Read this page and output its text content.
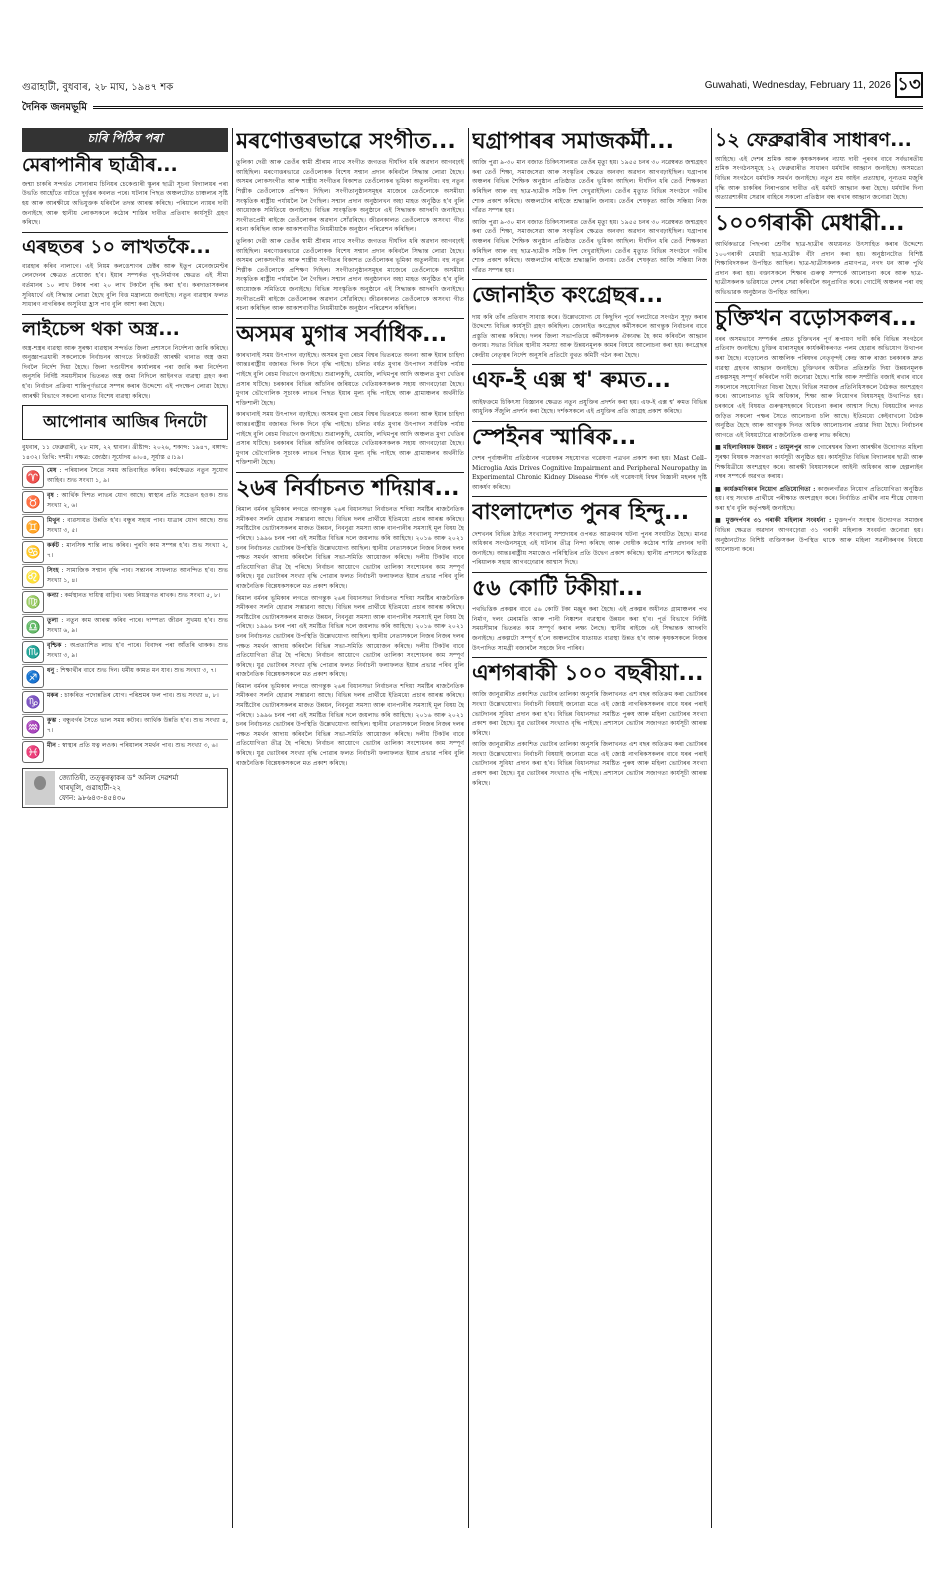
গুৱাহাটী, বুধবাৰ, ২৮ মাঘ, ১৯৪৭ শক	Guwahati, Wednesday, February 11, 2026 ১৩
দৈনিক জনমভূমি
চাৰি পিঠিৰ পৰা
মেৰাপানীৰ ছাত্ৰীৰ...

জন্মা চাকৰি সন্দৰ্ভত সোনাৰাম চিনিয়ৰ চেকেণ্ডাৰী স্কুলৰ ছাত্ৰী সূচনা বিদ্যালয়ৰ পৰা উভতি আহোঁতে বাটতে দুৰ্বৃত্তৰ কবলত পৰে। ঘটনাৰ পিছত অঞ্চলটোত চাঞ্চল্যৰ সৃষ্টি হয় আৰু আৰক্ষীয়ে অভিযুক্তক ধৰিবলৈ তদন্ত আৰম্ভ কৰিছে। পৰিয়ালে ন্যায়ৰ দাবী জনাইছে আৰু স্থানীয় লোকসকলে কঠোৰ শাস্তিৰ দাবীত প্ৰতিবাদ কাৰ্যসূচী গ্ৰহণ কৰিছে।

এৰছতৰ ১০ লাখতকৈ...

ব্যৱহাৰ কৰিব নালাগে। এই নিয়ম কলঙেশ্যণৰ চেক্টৰ আৰু ইতুপ মেনেজমেণ্টৰ লেনদেনৰ ক্ষেত্ৰত প্ৰযোজ্য হ'ব। ইয়াৰ সম্পৰ্কত গৃহ-নিৰ্মাণৰ ক্ষেত্ৰত এই সীমা বৰ্তমানৰ ১০ লাখ টকাৰ পৰা ২০ লাখ টকালৈ বৃদ্ধি কৰা হ'ব। কৰদাতাসকলৰ সুবিধাৰ্থে এই সিদ্ধান্ত লোৱা হৈছে বুলি বিত্ত মন্ত্ৰালয়ে জনাইছে। নতুন ব্যৱস্থাৰ ফলত সাধাৰণ নাগৰিকৰ অসুবিধা হ্ৰাস পাব বুলি আশা কৰা হৈছে।

লাইচেন্স থকা অস্ত্ৰ...

অস্ত্ৰ-শস্ত্ৰৰ ব্যৱস্থা আৰু সুৰক্ষা ব্যৱস্থাৰ সন্দৰ্ভত জিলা প্ৰশাসনে নিৰ্দেশনা জাৰি কৰিছে। অনুজ্ঞাপত্ৰধাৰী সকলোকে নিৰ্বাচনৰ আগতে নিকটৱৰ্তী আৰক্ষী থানাত অস্ত্ৰ জমা দিবলৈ নিৰ্দেশ দিয়া হৈছে। জিলা দণ্ডাধীশৰ কাৰ্যালয়ৰ পৰা জাৰি কৰা নিৰ্দেশনা অনুসৰি নিৰ্দিষ্ট সময়সীমাৰ ভিতৰত অস্ত্ৰ জমা নিদিলে আইনগত ব্যৱস্থা গ্ৰহণ কৰা হ'ব। নিৰ্বাচন প্ৰক্ৰিয়া শান্তিপূৰ্ণভাৱে সম্পন্ন কৰাৰ উদ্দেশ্যে এই পদক্ষেপ লোৱা হৈছে। আৰক্ষী বিভাগে সকলো থানাত বিশেষ ব্যৱস্থা কৰিছে।

আপোনাৰ আজিৰ দিনটো

বুধবাৰ, ১১ ফেব্ৰুৱাৰী, ২৮ মাঘ, ২২ শ্বাবান। খ্ৰীষ্টাব্দ: ২০২৬, শকাব্দ: ১৯৪৭, বঙ্গাব্দ: ১৪৩২। তিথি: দশমী। নক্ষত্ৰ: জ্যেষ্ঠা। সূৰ্যোদয় ৬।০৪, সূৰ্যাস্ত ৫।১৯।

♈	মেষ : পৰিয়ালৰ সৈতে সময় অতিবাহিত কৰিব। কৰ্মক্ষেত্ৰত নতুন সুযোগ আহিব। শুভ সংখ্যা ১, ৯।
♉	বৃষ : আৰ্থিক দিশত লাভৰ যোগ আছে। স্বাস্থ্যৰ প্ৰতি সচেতন হওক। শুভ সংখ্যা ২, ৬।
♊	মিথুন : ব্যৱসায়ত উন্নতি হ'ব। বন্ধুৰ সহায় পাব। যাত্ৰাৰ যোগ আছে। শুভ সংখ্যা ৩, ৫।
♋	কৰ্কট : মানসিক শান্তি লাভ কৰিব। পুৰণি কাম সম্পন্ন হ'ব। শুভ সংখ্যা ২, ৭।
♌	সিংহ : সামাজিক সন্মান বৃদ্ধি পাব। সন্তানৰ সাফল্যত আনন্দিত হ'ব। শুভ সংখ্যা ১, ৪।
♍	কন্যা : কৰ্মস্থানত দায়িত্ব বাঢ়িব। খৰচ নিয়ন্ত্ৰণত ৰাখক। শুভ সংখ্যা ৫, ৮।
♎	তুলা : নতুন কাম আৰম্ভ কৰিব পাৰে। দাম্পত্য জীৱন সুখময় হ'ব। শুভ সংখ্যা ৬, ৯।
♏	বৃশ্চিক : অপ্ৰত্যাশিত লাভ হ'ব পাৰে। বিবাদৰ পৰা আঁতৰি থাকক। শুভ সংখ্যা ৩, ৯।
♐	ধনু : শিক্ষাৰ্থীৰ বাবে শুভ দিন। ধৰ্মীয় কামত মন যাব। শুভ সংখ্যা ৩, ৭।
♑	মকৰ : চাকৰিত পদোন্নতিৰ যোগ। পৰিশ্ৰমৰ ফল পাব। শুভ সংখ্যা ৪, ৮।
♒	কুম্ভ : বন্ধুবৰ্গৰ সৈতে ভাল সময় কটাব। আৰ্থিক উন্নতি হ'ব। শুভ সংখ্যা ৪, ৭।
♓	মীন : স্বাস্থ্যৰ প্ৰতি যত্ন লওক। পৰিয়ালৰ সমৰ্থন পাব। শুভ সংখ্যা ৩, ৬।
জ্যোতিষী, তত্ত্বৰত্বাকৰ ড° অনিল দেৱশৰ্মা
খাৰঘূলি, গুৱাহাটী-২২
ফোন: ৯৮৬৪৩-৪৫৪৩০
মৰণোত্তৰভাৱে সংগীত...

তুলিকা দেৱী আৰু তেওঁৰ স্বামী শ্ৰীৰাম নাথে সংগীত জগতত দীৰ্ঘদিন ধৰি অৱদান আগবঢ়াই আহিছিল। মৰণোত্তৰভাৱে তেওঁলোকক বিশেষ সন্মান প্ৰদান কৰিবলৈ সিদ্ধান্ত লোৱা হৈছে। অসমৰ লোকসংগীত আৰু শাস্ত্ৰীয় সংগীতৰ বিকাশত তেওঁলোকৰ ভূমিকা অতুলনীয়। বহু নতুন শিল্পীক তেওঁলোকে প্ৰশিক্ষণ দিছিল। সংগীতানুষ্ঠানসমূহৰ মাজেৰে তেওঁলোকে অসমীয়া সংস্কৃতিক ৰাষ্ট্ৰীয় পৰ্যায়লৈ লৈ গৈছিল। সন্মান প্ৰদান অনুষ্ঠানখন অহা মাহত অনুষ্ঠিত হ'ব বুলি আয়োজক সমিতিয়ে জনাইছে। বিভিন্ন সাংস্কৃতিক অনুষ্ঠানে এই সিদ্ধান্তক আদৰণি জনাইছে। সংগীতপ্ৰেমী ৰাইজে তেওঁলোকৰ অৱদান সোঁৱৰিছে। জীৱনকালত তেওঁলোকে অসংখ্য গীত ৰচনা কৰিছিল আৰু আকাশবাণীত নিয়মীয়াকৈ অনুষ্ঠান পৰিৱেশন কৰিছিল।

তুলিকা দেৱী আৰু তেওঁৰ স্বামী শ্ৰীৰাম নাথে সংগীত জগতত দীৰ্ঘদিন ধৰি অৱদান আগবঢ়াই আহিছিল। মৰণোত্তৰভাৱে তেওঁলোকক বিশেষ সন্মান প্ৰদান কৰিবলৈ সিদ্ধান্ত লোৱা হৈছে। অসমৰ লোকসংগীত আৰু শাস্ত্ৰীয় সংগীতৰ বিকাশত তেওঁলোকৰ ভূমিকা অতুলনীয়। বহু নতুন শিল্পীক তেওঁলোকে প্ৰশিক্ষণ দিছিল। সংগীতানুষ্ঠানসমূহৰ মাজেৰে তেওঁলোকে অসমীয়া সংস্কৃতিক ৰাষ্ট্ৰীয় পৰ্যায়লৈ লৈ গৈছিল। সন্মান প্ৰদান অনুষ্ঠানখন অহা মাহত অনুষ্ঠিত হ'ব বুলি আয়োজক সমিতিয়ে জনাইছে। বিভিন্ন সাংস্কৃতিক অনুষ্ঠানে এই সিদ্ধান্তক আদৰণি জনাইছে। সংগীতপ্ৰেমী ৰাইজে তেওঁলোকৰ অৱদান সোঁৱৰিছে। জীৱনকালত তেওঁলোকে অসংখ্য গীত ৰচনা কৰিছিল আৰু আকাশবাণীত নিয়মীয়াকৈ অনুষ্ঠান পৰিৱেশন কৰিছিল।

অসমৰ মুগাৰ সৰ্বাধিক...

কাৰখানাই সময় উৎপাদন বঢ়াইছে। অসমৰ মুগা ৰেচম বিশ্বৰ ভিতৰতে অনন্য আৰু ইয়াৰ চাহিদা আন্তঃৰাষ্ট্ৰীয় বজাৰত দিনক দিনে বৃদ্ধি পাইছে। চলিত বৰ্ষত মুগাৰ উৎপাদন সৰ্বাধিক পৰ্যায় পাইছে বুলি ৰেচম বিভাগে জনাইছে। শুৱালকুছি, ধেমাজি, লখিমপুৰ আদি অঞ্চলত মুগা খেতিৰ প্ৰসাৰ ঘটিছে। চৰকাৰৰ বিভিন্ন আঁচনিৰ জৰিয়তে খেতিয়কসকলক সহায় আগবঢ়োৱা হৈছে। মুগাৰ ভৌগোলিক সূচাংক লাভৰ পিছত ইয়াৰ মূল্য বৃদ্ধি পাইছে আৰু গ্ৰামাঞ্চলৰ অৰ্থনীতি শক্তিশালী হৈছে।

কাৰখানাই সময় উৎপাদন বঢ়াইছে। অসমৰ মুগা ৰেচম বিশ্বৰ ভিতৰতে অনন্য আৰু ইয়াৰ চাহিদা আন্তঃৰাষ্ট্ৰীয় বজাৰত দিনক দিনে বৃদ্ধি পাইছে। চলিত বৰ্ষত মুগাৰ উৎপাদন সৰ্বাধিক পৰ্যায় পাইছে বুলি ৰেচম বিভাগে জনাইছে। শুৱালকুছি, ধেমাজি, লখিমপুৰ আদি অঞ্চলত মুগা খেতিৰ প্ৰসাৰ ঘটিছে। চৰকাৰৰ বিভিন্ন আঁচনিৰ জৰিয়তে খেতিয়কসকলক সহায় আগবঢ়োৱা হৈছে। মুগাৰ ভৌগোলিক সূচাংক লাভৰ পিছত ইয়াৰ মূল্য বৃদ্ধি পাইছে আৰু গ্ৰামাঞ্চলৰ অৰ্থনীতি শক্তিশালী হৈছে।

২৬ৰ নিৰ্বাচনত শদিয়াৰ...

ৰিমাল বৰ্মনৰ ভূমিকাৰ লগতে আগন্তুক ২৬ৰ বিধানসভা নিৰ্বাচনত শদিয়া সমষ্টিৰ ৰাজনৈতিক সমীকৰণ সলনি হোৱাৰ সম্ভাৱনা আছে। বিভিন্ন দলৰ প্ৰাৰ্থীয়ে ইতিমধ্যে প্ৰচাৰ আৰম্ভ কৰিছে। সমষ্টিটোৰ ভোটাৰসকলৰ মাজত উন্নয়ন, নিবনুৱা সমস্যা আৰু বানপানীৰ সমস্যাই মূল বিষয় হৈ পৰিছে। ১৯৯৬ চনৰ পৰা এই সমষ্টিত বিভিন্ন দলে জয়লাভ কৰি আহিছে। ২০১৬ আৰু ২০২১ চনৰ নিৰ্বাচনত ভোটাৰৰ উপস্থিতি উল্লেখযোগ্য আছিল। স্থানীয় নেতাসকলে নিজৰ নিজৰ দলৰ পক্ষত সমৰ্থন আদায় কৰিবলৈ বিভিন্ন সভা-সমিতি আয়োজন কৰিছে। দলীয় টিকটৰ বাবে প্ৰতিযোগিতা তীব্ৰ হৈ পৰিছে। নিৰ্বাচন আয়োগে ভোটাৰ তালিকা সংশোধনৰ কাম সম্পূৰ্ণ কৰিছে। যুৱ ভোটাৰৰ সংখ্যা বৃদ্ধি পোৱাৰ ফলত নিৰ্বাচনী ফলাফলত ইয়াৰ প্ৰভাৱ পৰিব বুলি ৰাজনৈতিক বিশ্লেষকসকলে মত প্ৰকাশ কৰিছে।

ৰিমাল বৰ্মনৰ ভূমিকাৰ লগতে আগন্তুক ২৬ৰ বিধানসভা নিৰ্বাচনত শদিয়া সমষ্টিৰ ৰাজনৈতিক সমীকৰণ সলনি হোৱাৰ সম্ভাৱনা আছে। বিভিন্ন দলৰ প্ৰাৰ্থীয়ে ইতিমধ্যে প্ৰচাৰ আৰম্ভ কৰিছে। সমষ্টিটোৰ ভোটাৰসকলৰ মাজত উন্নয়ন, নিবনুৱা সমস্যা আৰু বানপানীৰ সমস্যাই মূল বিষয় হৈ পৰিছে। ১৯৯৬ চনৰ পৰা এই সমষ্টিত বিভিন্ন দলে জয়লাভ কৰি আহিছে। ২০১৬ আৰু ২০২১ চনৰ নিৰ্বাচনত ভোটাৰৰ উপস্থিতি উল্লেখযোগ্য আছিল। স্থানীয় নেতাসকলে নিজৰ নিজৰ দলৰ পক্ষত সমৰ্থন আদায় কৰিবলৈ বিভিন্ন সভা-সমিতি আয়োজন কৰিছে। দলীয় টিকটৰ বাবে প্ৰতিযোগিতা তীব্ৰ হৈ পৰিছে। নিৰ্বাচন আয়োগে ভোটাৰ তালিকা সংশোধনৰ কাম সম্পূৰ্ণ কৰিছে। যুৱ ভোটাৰৰ সংখ্যা বৃদ্ধি পোৱাৰ ফলত নিৰ্বাচনী ফলাফলত ইয়াৰ প্ৰভাৱ পৰিব বুলি ৰাজনৈতিক বিশ্লেষকসকলে মত প্ৰকাশ কৰিছে।

ৰিমাল বৰ্মনৰ ভূমিকাৰ লগতে আগন্তুক ২৬ৰ বিধানসভা নিৰ্বাচনত শদিয়া সমষ্টিৰ ৰাজনৈতিক সমীকৰণ সলনি হোৱাৰ সম্ভাৱনা আছে। বিভিন্ন দলৰ প্ৰাৰ্থীয়ে ইতিমধ্যে প্ৰচাৰ আৰম্ভ কৰিছে। সমষ্টিটোৰ ভোটাৰসকলৰ মাজত উন্নয়ন, নিবনুৱা সমস্যা আৰু বানপানীৰ সমস্যাই মূল বিষয় হৈ পৰিছে। ১৯৯৬ চনৰ পৰা এই সমষ্টিত বিভিন্ন দলে জয়লাভ কৰি আহিছে। ২০১৬ আৰু ২০২১ চনৰ নিৰ্বাচনত ভোটাৰৰ উপস্থিতি উল্লেখযোগ্য আছিল। স্থানীয় নেতাসকলে নিজৰ নিজৰ দলৰ পক্ষত সমৰ্থন আদায় কৰিবলৈ বিভিন্ন সভা-সমিতি আয়োজন কৰিছে। দলীয় টিকটৰ বাবে প্ৰতিযোগিতা তীব্ৰ হৈ পৰিছে। নিৰ্বাচন আয়োগে ভোটাৰ তালিকা সংশোধনৰ কাম সম্পূৰ্ণ কৰিছে। যুৱ ভোটাৰৰ সংখ্যা বৃদ্ধি পোৱাৰ ফলত নিৰ্বাচনী ফলাফলত ইয়াৰ প্ৰভাৱ পৰিব বুলি ৰাজনৈতিক বিশ্লেষকসকলে মত প্ৰকাশ কৰিছে।

ঘগ্ৰাপাৰৰ সমাজকৰ্মী...

আজি পুৱা ৯-৩০ মান বজাত চিকিৎসালয়ত তেওঁৰ মৃত্যু হয়। ১৯৫৫ চনৰ ৩০ নৱেম্বৰত জন্মগ্ৰহণ কৰা তেওঁ শিক্ষা, সমাজসেৱা আৰু সংস্কৃতিৰ ক্ষেত্ৰত অনবদ্য অৱদান আগবঢ়াইছিল। ঘগ্ৰাপাৰ অঞ্চলৰ বিভিন্ন শৈক্ষিক অনুষ্ঠান প্ৰতিষ্ঠাত তেওঁৰ ভূমিকা আছিল। দীৰ্ঘদিন ধৰি তেওঁ শিক্ষকতা কৰিছিল আৰু বহু ছাত্ৰ-ছাত্ৰীক সঠিক দিশ দেখুৱাইছিল। তেওঁৰ মৃত্যুত বিভিন্ন সংগঠনে গভীৰ শোক প্ৰকাশ কৰিছে। অঞ্চলটোৰ ৰাইজে শ্ৰদ্ধাঞ্জলি জনায়। তেওঁৰ শেষকৃত্য আজি সন্ধিয়া নিজ গাঁৱত সম্পন্ন হয়।

আজি পুৱা ৯-৩০ মান বজাত চিকিৎসালয়ত তেওঁৰ মৃত্যু হয়। ১৯৫৫ চনৰ ৩০ নৱেম্বৰত জন্মগ্ৰহণ কৰা তেওঁ শিক্ষা, সমাজসেৱা আৰু সংস্কৃতিৰ ক্ষেত্ৰত অনবদ্য অৱদান আগবঢ়াইছিল। ঘগ্ৰাপাৰ অঞ্চলৰ বিভিন্ন শৈক্ষিক অনুষ্ঠান প্ৰতিষ্ঠাত তেওঁৰ ভূমিকা আছিল। দীৰ্ঘদিন ধৰি তেওঁ শিক্ষকতা কৰিছিল আৰু বহু ছাত্ৰ-ছাত্ৰীক সঠিক দিশ দেখুৱাইছিল। তেওঁৰ মৃত্যুত বিভিন্ন সংগঠনে গভীৰ শোক প্ৰকাশ কৰিছে। অঞ্চলটোৰ ৰাইজে শ্ৰদ্ধাঞ্জলি জনায়। তেওঁৰ শেষকৃত্য আজি সন্ধিয়া নিজ গাঁৱত সম্পন্ন হয়।

জোনাইত কংগ্ৰেছৰ...

দায় কৰি তাঁৰ প্ৰতিবাদ সাব্যস্ত কৰে। উল্লেখযোগ্য যে কিছুদিন পূৰ্বে দলটোৱে সংগঠন সুদৃঢ় কৰাৰ উদ্দেশ্যে বিভিন্ন কাৰ্যসূচী গ্ৰহণ কৰিছিল। জোনাইত কংগ্ৰেছৰ কৰ্মীসকলে আগন্তুক নিৰ্বাচনৰ বাবে প্ৰস্তুতি আৰম্ভ কৰিছে। দলৰ জিলা সভাপতিয়ে কৰ্মীসকলক ঐক্যবদ্ধ হৈ কাম কৰিবলৈ আহ্বান জনায়। সভাত বিভিন্ন স্থানীয় সমস্যা আৰু উন্নয়নমূলক কামৰ বিষয়ে আলোচনা কৰা হয়। কংগ্ৰেছৰ কেন্দ্ৰীয় নেতৃত্বৰ নিৰ্দেশ অনুসৰি প্ৰতিটো বুথত কমিটী গঠন কৰা হৈছে।

এফ-ই এক্স শ্ব' ৰুমত...

আইফক্ৰমে চিকিৎসা বিজ্ঞানৰ ক্ষেত্ৰত নতুন প্ৰযুক্তিৰ প্ৰদৰ্শন কৰা হয়। এফ-ই এক্স শ্ব' ৰুমত বিভিন্ন আধুনিক সঁজুলি প্ৰদৰ্শন কৰা হৈছে। দৰ্শকসকলে এই প্ৰযুক্তিৰ প্ৰতি আগ্ৰহ প্ৰকাশ কৰিছে।

স্পেইনৰ স্মাৰিক...

দেশৰ পূৰ্বাঞ্চলীয় প্ৰতিষ্ঠানৰ গৱেষকৰ সহযোগত গৱেষণা পত্ৰখন প্ৰকাশ কৰা হয়। Mast Cell–Microglia Axis Drives Cognitive Impairment and Peripheral Neuropathy in Experimental Chronic Kidney Disease শীৰ্ষক এই গৱেষণাই বিশ্বৰ বিজ্ঞানী মহলৰ দৃষ্টি আকৰ্ষণ কৰিছে।

বাংলাদেশত পুনৰ হিন্দু...

দেশখনৰ বিভিন্ন ঠাইত সংখ্যালঘু সম্প্ৰদায়ৰ ওপৰত আক্ৰমণৰ ঘটনা পুনৰ সংঘটিত হৈছে। মানৱ অধিকাৰ সংগঠনসমূহে এই ঘটনাৰ তীব্ৰ নিন্দা কৰিছে আৰু দোষীক কঠোৰ শাস্তি প্ৰদানৰ দাবী জনাইছে। আন্তঃৰাষ্ট্ৰীয় সমাজেও পৰিস্থিতিৰ প্ৰতি উদ্বেগ প্ৰকাশ কৰিছে। স্থানীয় প্ৰশাসনে ক্ষতিগ্ৰস্ত পৰিয়ালক সহায় আগবঢ়োৱাৰ আশ্বাস দিছে।

৫৬ কোটি টকীয়া...

পথভিত্তিক প্ৰকল্পৰ বাবে ৫৬ কোটি টকা মঞ্জুৰ কৰা হৈছে। এই প্ৰকল্পৰ অধীনত গ্ৰামাঞ্চলৰ পথ নিৰ্মাণ, দলং মেৰামতি আৰু পানী নিষ্কাশন ব্যৱস্থাৰ উন্নয়ন কৰা হ'ব। পূৰ্ত বিভাগে নিৰ্দিষ্ট সময়সীমাৰ ভিতৰত কাম সম্পূৰ্ণ কৰাৰ লক্ষ্য লৈছে। স্থানীয় ৰাইজে এই সিদ্ধান্তক আদৰণি জনাইছে। প্ৰকল্পটো সম্পূৰ্ণ হ'লে অঞ্চলটোৰ যাতায়ত ব্যৱস্থা উন্নত হ'ব আৰু কৃষকসকলে নিজৰ উৎপাদিত সামগ্ৰী বজাৰলৈ সহজে নিব পাৰিব।

এশগৰাকী ১০০ বছৰীয়া...

আজি জানুৱাৰীত প্ৰকাশিত ভোটাৰ তালিকা অনুসৰি জিলাখনত এশ বছৰ অতিক্ৰম কৰা ভোটাৰৰ সংখ্যা উল্লেখযোগ্য। নিৰ্বাচনী বিষয়াই জনোৱা মতে এই জ্যেষ্ঠ নাগৰিকসকলৰ বাবে ঘৰৰ পৰাই ভোটদানৰ সুবিধা প্ৰদান কৰা হ'ব। বিভিন্ন বিধানসভা সমষ্টিত পুৰুষ আৰু মহিলা ভোটাৰৰ সংখ্যা প্ৰকাশ কৰা হৈছে। যুৱ ভোটাৰৰ সংখ্যাও বৃদ্ধি পাইছে। প্ৰশাসনে ভোটাৰ সজাগতা কাৰ্যসূচী আৰম্ভ কৰিছে।

আজি জানুৱাৰীত প্ৰকাশিত ভোটাৰ তালিকা অনুসৰি জিলাখনত এশ বছৰ অতিক্ৰম কৰা ভোটাৰৰ সংখ্যা উল্লেখযোগ্য। নিৰ্বাচনী বিষয়াই জনোৱা মতে এই জ্যেষ্ঠ নাগৰিকসকলৰ বাবে ঘৰৰ পৰাই ভোটদানৰ সুবিধা প্ৰদান কৰা হ'ব। বিভিন্ন বিধানসভা সমষ্টিত পুৰুষ আৰু মহিলা ভোটাৰৰ সংখ্যা প্ৰকাশ কৰা হৈছে। যুৱ ভোটাৰৰ সংখ্যাও বৃদ্ধি পাইছে। প্ৰশাসনে ভোটাৰ সজাগতা কাৰ্যসূচী আৰম্ভ কৰিছে।

১২ ফেব্ৰুৱাৰীৰ সাধাৰণ...

আহিছে। এই দেশৰ শ্ৰমিক আৰু কৃষকসকলৰ ন্যায্য দাবী পূৰণৰ বাবে সৰ্বভাৰতীয় শ্ৰমিক সংগঠনসমূহে ১২ ফেব্ৰুৱাৰীত সাধাৰণ ধৰ্মঘটৰ আহ্বান জনাইছে। অসমতো বিভিন্ন সংগঠনে ধৰ্মঘটক সমৰ্থন জনাইছে। নতুন শ্ৰম আইন প্ৰত্যাহাৰ, নূন্যতম মজুৰি বৃদ্ধি আৰু চাকৰিৰ নিৰাপত্তাৰ দাবীত এই ধৰ্মঘট আহ্বান কৰা হৈছে। ধৰ্মঘটৰ দিনা অত্যাৱশ্যকীয় সেৱাৰ বাহিৰে সকলো প্ৰতিষ্ঠান বন্ধ ৰখাৰ আহ্বান জনোৱা হৈছে।

১০০গৰাকী মেধাৱী...

আৰ্থিকভাৱে পিছপৰা শ্ৰেণীৰ ছাত্ৰ-ছাত্ৰীৰ অধ্যয়নত উৎসাহিত কৰাৰ উদ্দেশ্যে ১০০গৰাকী মেধাৱী ছাত্ৰ-ছাত্ৰীক বঁটা প্ৰদান কৰা হয়। অনুষ্ঠানটোত বিশিষ্ট শিক্ষাবিদসকল উপস্থিত আছিল। ছাত্ৰ-ছাত্ৰীসকলক প্ৰমাণপত্ৰ, নগদ ধন আৰু পুথি প্ৰদান কৰা হয়। বক্তাসকলে শিক্ষাৰ গুৰুত্ব সম্পৰ্কে আলোচনা কৰে আৰু ছাত্ৰ-ছাত্ৰীসকলক ভৱিষ্যতে দেশৰ সেৱা কৰিবলৈ অনুপ্ৰাণিত কৰে। গোটেই অঞ্চলৰ পৰা বহু অভিভাৱক অনুষ্ঠানত উপস্থিত আছিল।

চুক্তিখন বড়োসকলৰ...

বৰৰ অসমভাবে সম্পৰ্কৰ প্ৰশ্নত চুক্তিখনৰ পূৰ্ণ ৰূপায়ণ দাবী কৰি বিভিন্ন সংগঠনে প্ৰতিবাদ জনাইছে। চুক্তিৰ ধাৰাসমূহৰ কাৰ্যকৰীকৰণত পলম হোৱাৰ অভিযোগ উত্থাপন কৰা হৈছে। বড়োলেণ্ড আঞ্চলিক পৰিষদৰ নেতৃবৃন্দই কেন্দ্ৰ আৰু ৰাজ্য চৰকাৰক দ্ৰুত ব্যৱস্থা গ্ৰহণৰ আহ্বান জনাইছে। চুক্তিখনৰ অধীনত প্ৰতিশ্ৰুতি দিয়া উন্নয়নমূলক প্ৰকল্পসমূহ সম্পূৰ্ণ কৰিবলৈ দাবী জনোৱা হৈছে। শান্তি আৰু সম্প্ৰীতি বজাই ৰখাৰ বাবে সকলোৰে সহযোগিতা বিচৰা হৈছে। বিভিন্ন সমাজৰ প্ৰতিনিধিসকলে বৈঠকত অংশগ্ৰহণ কৰে। আলোচনাত ভূমি অধিকাৰ, শিক্ষা আৰু নিয়োগৰ বিষয়সমূহ উত্থাপিত হয়। চৰকাৰে এই বিষয়ত গুৰুত্বসহকাৰে বিবেচনা কৰাৰ আশ্বাস দিছে। বিষয়টোৰ লগত জড়িত সকলো পক্ষৰ সৈতে আলোচনা চলি আছে। ইতিমধ্যে কেইবাখনো বৈঠক অনুষ্ঠিত হৈছে আৰু আগন্তুক দিনত অধিক আলোচনাৰ প্ৰস্তাৱ দিয়া হৈছে। নিৰ্বাচনৰ আগতে এই বিষয়টোৱে ৰাজনৈতিক গুৰুত্ব লাভ কৰিছে।

■ মহিলাবিষয়ক উন্নয়ন : তামুলপুৰ আৰু গোৰেশ্বৰৰ জিলা আৰক্ষীৰ উদ্যোগত মহিলা সুৰক্ষা বিষয়ক সজাগতা কাৰ্যসূচী অনুষ্ঠিত হয়। কাৰ্যসূচীত বিভিন্ন বিদ্যালয়ৰ ছাত্ৰী আৰু শিক্ষয়িত্ৰীয়ে অংশগ্ৰহণ কৰে। আৰক্ষী বিষয়াসকলে আইনী অধিকাৰ আৰু হেল্পলাইন নম্বৰ সম্পৰ্কে অৱগত কৰায়।
■ কাৰ্যক্ৰমণিকাৰ নিয়োগ প্ৰতিযোগিতা : কাজলগাঁৱত নিয়োগ প্ৰতিযোগিতা অনুষ্ঠিত হয়। বহু সংখ্যক প্ৰাৰ্থীয়ে পৰীক্ষাত অংশগ্ৰহণ কৰে। নিৰ্বাচিত প্ৰাৰ্থীৰ নাম শীঘ্ৰে ঘোষণা কৰা হ'ব বুলি কৰ্তৃপক্ষই জনাইছে।
■ মুক্তদৰ্পণৰ ৩১ গৰাকী মহিলাৰ সংবৰ্ধনা : মুক্তদৰ্পণ সংস্থাৰ উদ্যোগত সমাজৰ বিভিন্ন ক্ষেত্ৰত অৱদান আগবঢ়োৱা ৩১ গৰাকী মহিলাক সংবৰ্ধনা জনোৱা হয়। অনুষ্ঠানটোত বিশিষ্ট ব্যক্তিসকল উপস্থিত থাকে আৰু মহিলা সৱলীকৰণৰ বিষয়ে আলোচনা কৰে।
